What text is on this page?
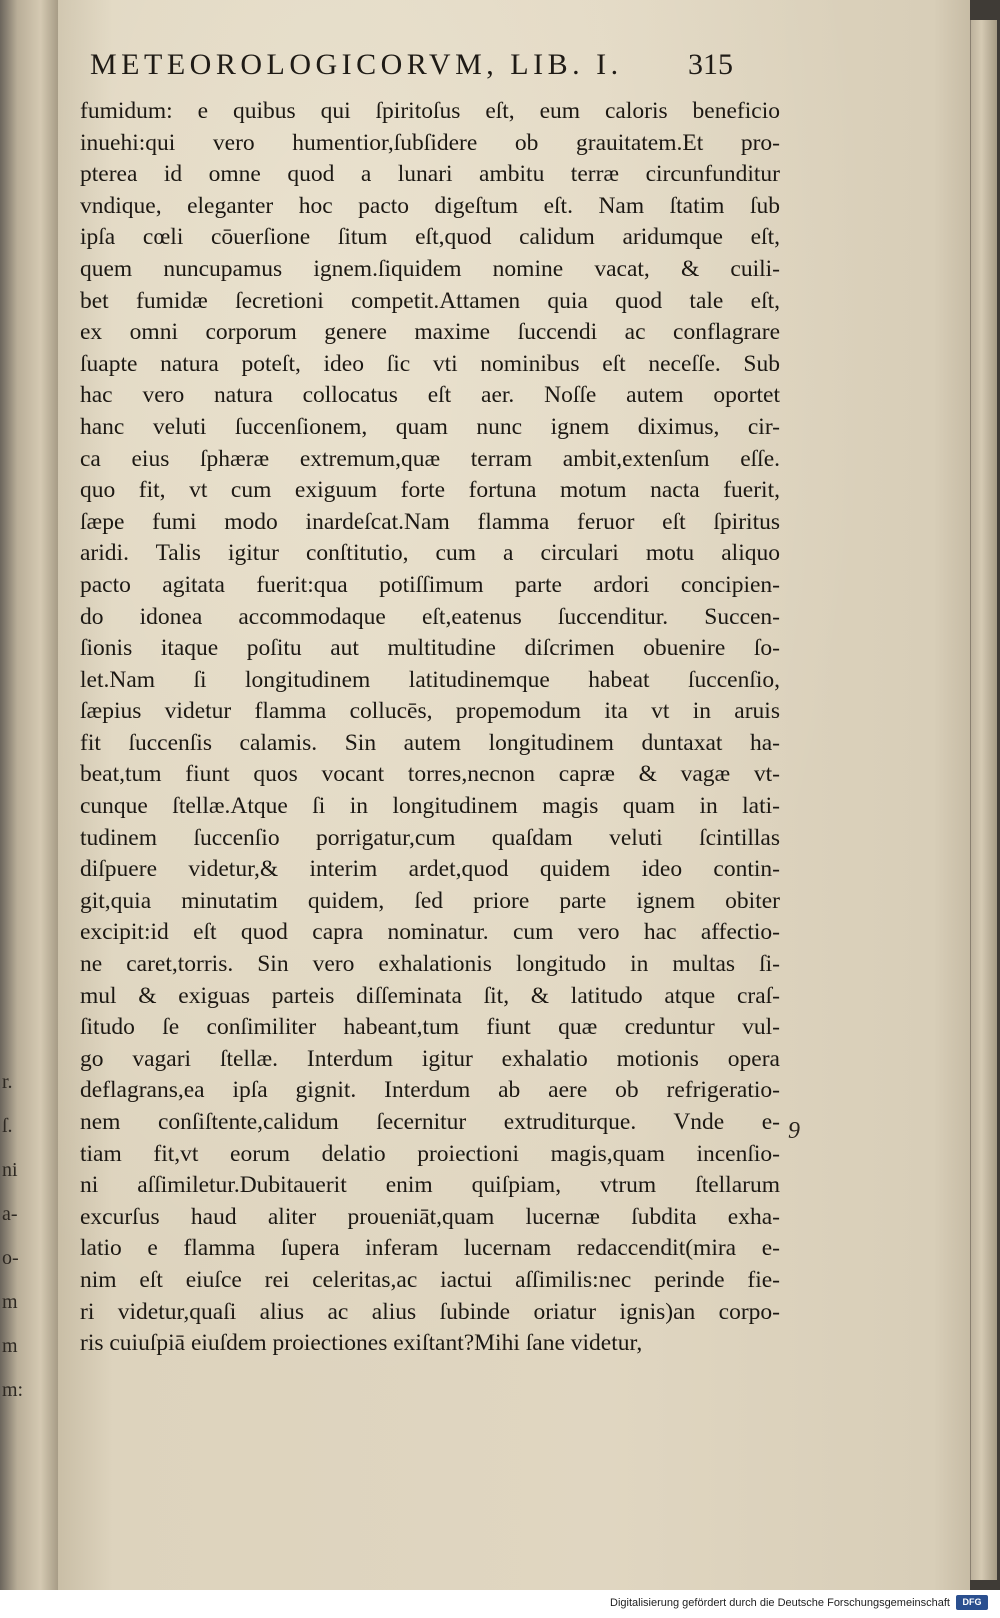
r.
ſ.
ni
a-
o-
m
m
m:
METEOROLOGICORVM, LIB. I. 315
fumidum: e quibus qui ſpiritoſus eſt, eum caloris beneficio
inuehi:qui vero humentior,ſubſidere ob grauitatem.Et pro-
pterea id omne quod a lunari ambitu terræ circunfunditur
vndique, eleganter hoc pacto digeſtum eſt. Nam ſtatim ſub
ipſa cœli cōuerſione ſitum eſt,quod calidum aridumque eſt,
quem nuncupamus ignem.ſiquidem nomine vacat, & cuili-
bet fumidæ ſecretioni competit.Attamen quia quod tale eſt,
ex omni corporum genere maxime ſuccendi ac conflagrare
ſuapte natura poteſt, ideo ſic vti nominibus eſt neceſſe. Sub
hac vero natura collocatus eſt aer. Noſſe autem oportet
hanc veluti ſuccenſionem, quam nunc ignem diximus, cir-
ca eius ſphæræ extremum,quæ terram ambit,extenſum eſſe.
quo fit, vt cum exiguum forte fortuna motum nacta fuerit,
ſæpe fumi modo inardeſcat.Nam flamma feruor eſt ſpiritus
aridi. Talis igitur conſtitutio, cum a circulari motu aliquo
pacto agitata fuerit:qua potiſſimum parte ardori concipien-
do idonea accommodaque eſt,eatenus ſuccenditur. Succen-
ſionis itaque poſitu aut multitudine diſcrimen obuenire ſo-
let.Nam ſi longitudinem latitudinemque habeat ſuccenſio,
ſæpius videtur flamma collucēs, propemodum ita vt in aruis
fit ſuccenſis calamis. Sin autem longitudinem duntaxat ha-
beat,tum fiunt quos vocant torres,necnon capræ & vagæ vt-
cunque ſtellæ.Atque ſi in longitudinem magis quam in lati-
tudinem ſuccenſio porrigatur,cum quaſdam veluti ſcintillas
diſpuere videtur,& interim ardet,quod quidem ideo contin-
git,quia minutatim quidem, ſed priore parte ignem obiter
excipit:id eſt quod capra nominatur. cum vero hac affectio-
ne caret,torris. Sin vero exhalationis longitudo in multas ſi-
mul & exiguas parteis diſſeminata ſit, & latitudo atque craſ-
ſitudo ſe conſimiliter habeant,tum fiunt quæ creduntur vul-
go vagari ſtellæ. Interdum igitur exhalatio motionis opera
deflagrans,ea ipſa gignit. Interdum ab aere ob refrigeratio-
nem conſiſtente,calidum ſecernitur extruditurque. Vnde e-
tiam fit,vt eorum delatio proiectioni magis,quam incenſio-
ni aſſimiletur.Dubitauerit enim quiſpiam, vtrum ſtellarum
excurſus haud aliter proueniāt,quam lucernæ ſubdita exha-
latio e flamma ſupera inferam lucernam redaccendit(mira e-
nim eſt eiuſce rei celeritas,ac iactui aſſimilis:nec perinde fie-
ri videtur,quaſi alius ac alius ſubinde oriatur ignis)an corpo-
ris cuiuſpiā eiuſdem proiectiones exiſtant?Mihi ſane videtur,
9
Digitalisierung gefördert durch die Deutsche Forschungsgemeinschaft	DFG
